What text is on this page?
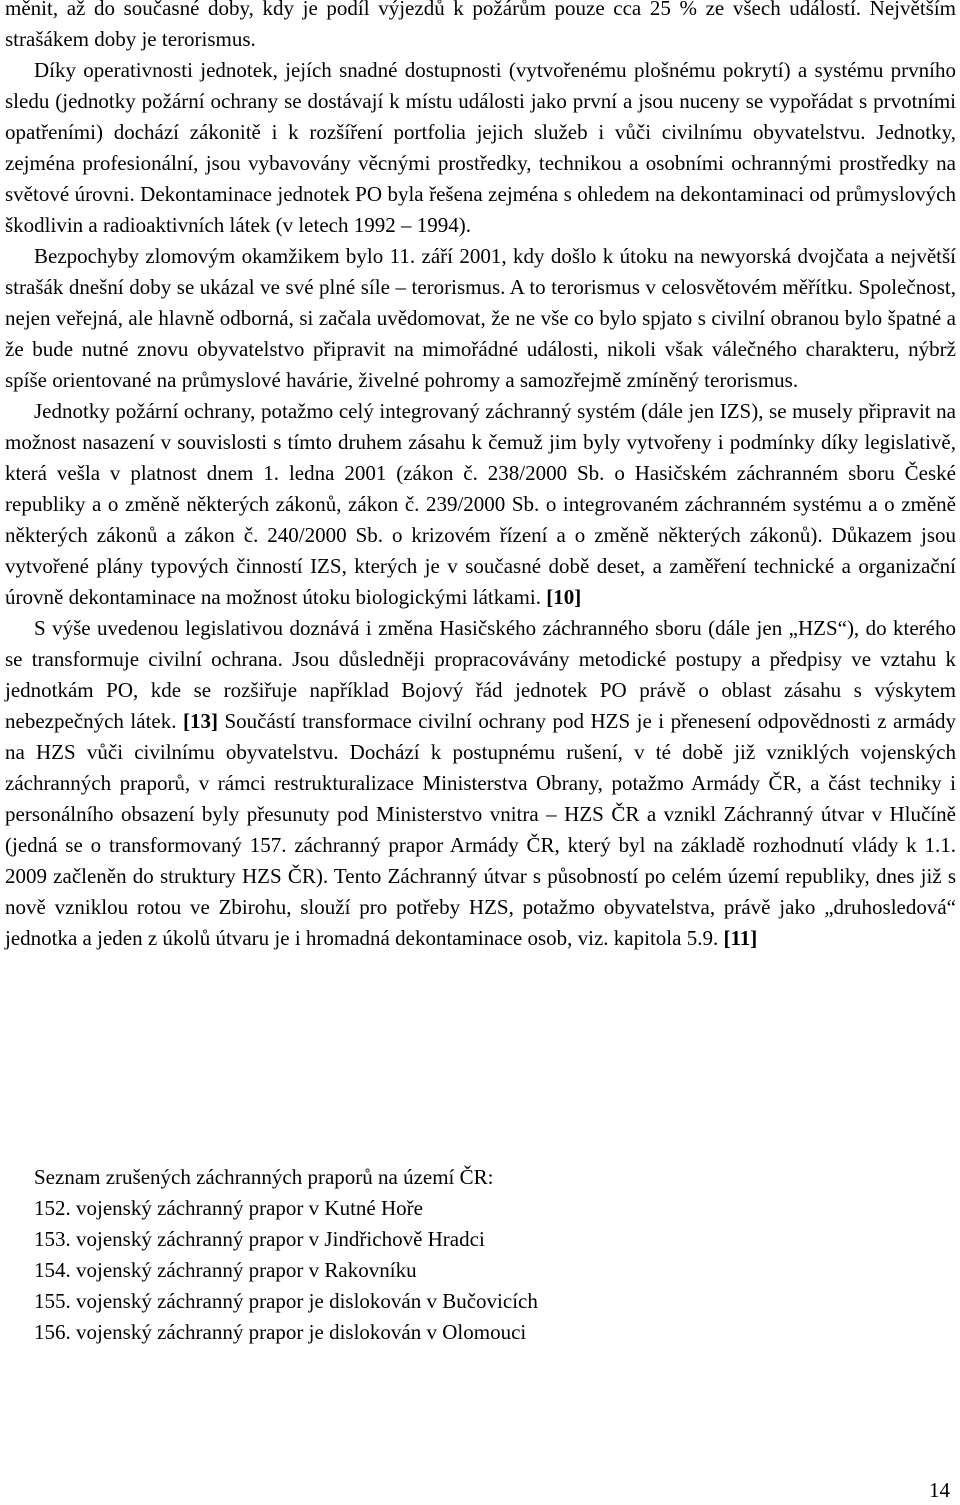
měnit, až do současné doby, kdy je podíl výjezdů k požárům pouze cca 25 % ze všech událostí. Největším strašákem doby je terorismus.

Díky operativnosti jednotek, jejích snadné dostupnosti (vytvořenému plošnému pokrytí) a systému prvního sledu (jednotky požární ochrany se dostávají k místu události jako první a jsou nuceny se vypořádat s prvotními opatřeními) dochází zákonitě i k rozšíření portfolia jejich služeb i vůči civilnímu obyvatelstvu. Jednotky, zejména profesionální, jsou vybavovány věcnými prostředky, technikou a osobními ochrannými prostředky na světové úrovni. Dekontaminace jednotek PO byla řešena zejména s ohledem na dekontaminaci od průmyslových škodlivin a radioaktivních látek (v letech 1992 – 1994).

Bezpochyby zlomovým okamžikem bylo 11. září 2001, kdy došlo k útoku na newyorská dvojčata a největší strašák dnešní doby se ukázal ve své plné síle – terorismus. A to terorismus v celosvětovém měřítku. Společnost, nejen veřejná, ale hlavně odborná, si začala uvědomovat, že ne vše co bylo spjato s civilní obranou bylo špatné a že bude nutné znovu obyvatelstvo připravit na mimořádné události, nikoli však válečného charakteru, nýbrž spíše orientované na průmyslové havárie, živelné pohromy a samozřejmě zmíněný terorismus.

Jednotky požární ochrany, potažmo celý integrovaný záchranný systém (dále jen IZS), se musely připravit na možnost nasazení v souvislosti s tímto druhem zásahu k čemuž jim byly vytvořeny i podmínky díky legislativě, která vešla v platnost dnem 1. ledna 2001 (zákon č. 238/2000 Sb. o Hasičském záchranném sboru České republiky a o změně některých zákonů, zákon č. 239/2000 Sb. o integrovaném záchranném systému a o změně některých zákonů a zákon č. 240/2000 Sb. o krizovém řízení a o změně některých zákonů). Důkazem jsou vytvořené plány typových činností IZS, kterých je v současné době deset, a zaměření technické a organizační úrovně dekontaminace na možnost útoku biologickými látkami. [10]

S výše uvedenou legislativou doznává i změna Hasičského záchranného sboru (dále jen „HZS“), do kterého se transformuje civilní ochrana. Jsou důsledněji propracovávány metodické postupy a předpisy ve vztahu k jednotkám PO, kde se rozšiřuje například Bojový řád jednotek PO právě o oblast zásahu s výskytem nebezpečných látek. [13] Součástí transformace civilní ochrany pod HZS je i přenesení odpovědnosti z armády na HZS vůči civilnímu obyvatelstvu. Dochází k postupnému rušení, v té době již vzniklých vojenských záchranných praporů, v rámci restrukturalizace Ministerstva Obrany, potažmo Armády ČR, a část techniky i personálního obsazení byly přesunuty pod Ministerstvo vnitra – HZS ČR a vznikl Záchranný útvar v Hlučíně (jedná se o transformovaný 157. záchranný prapor Armády ČR, který byl na základě rozhodnutí vlády k 1.1. 2009 začleněn do struktury HZS ČR). Tento Záchranný útvar s působností po celém území republiky, dnes již s nově vzniklou rotou ve Zbirohu, slouží pro potřeby HZS, potažmo obyvatelstva, právě jako „druhosledová“ jednotka a jeden z úkolů útvaru je i hromadná dekontaminace osob, viz. kapitola 5.9. [11]

Seznam zrušených záchranných praporů na území ČR:
152. vojenský záchranný prapor v Kutné Hoře
153. vojenský záchranný prapor v Jindřichově Hradci
154. vojenský záchranný prapor v Rakovníku
155. vojenský záchranný prapor je dislokován v Bučovicích
156. vojenský záchranný prapor je dislokován v Olomouci
14
